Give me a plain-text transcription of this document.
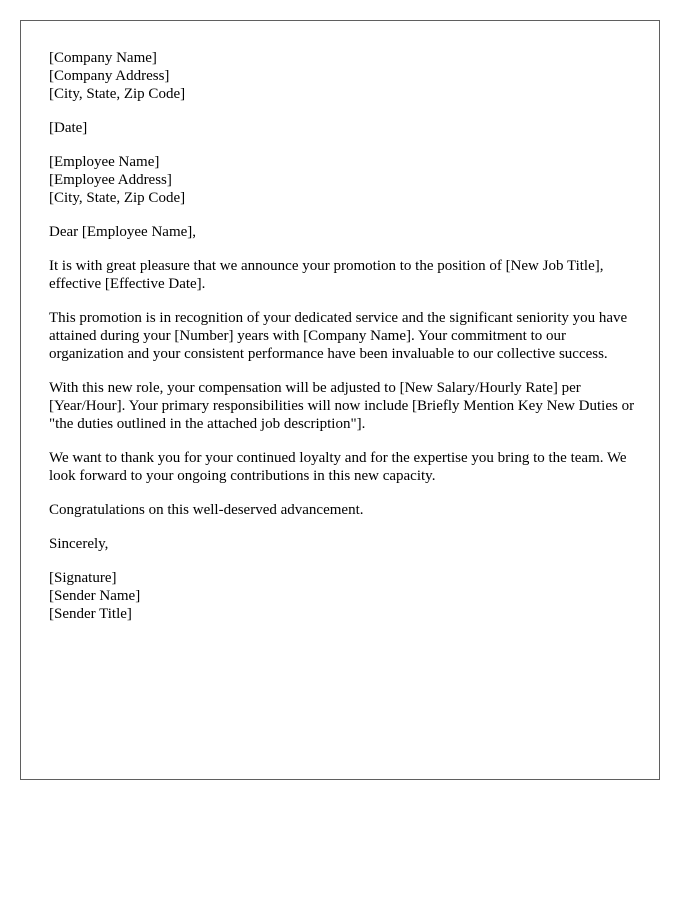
[Company Name]
[Company Address]
[City, State, Zip Code]
[Date]
[Employee Name]
[Employee Address]
[City, State, Zip Code]

Dear [Employee Name],

It is with great pleasure that we announce your promotion to the position of [New Job Title], effective [Effective Date].

This promotion is in recognition of your dedicated service and the significant seniority you have attained during your [Number] years with [Company Name]. Your commitment to our organization and your consistent performance have been invaluable to our collective success.

With this new role, your compensation will be adjusted to [New Salary/Hourly Rate] per [Year/Hour]. Your primary responsibilities will now include [Briefly Mention Key New Duties or "the duties outlined in the attached job description"].

We want to thank you for your continued loyalty and for the expertise you bring to the team. We look forward to your ongoing contributions in this new capacity.

Congratulations on this well-deserved advancement.

Sincerely,

[Signature]
[Sender Name]
[Sender Title]
